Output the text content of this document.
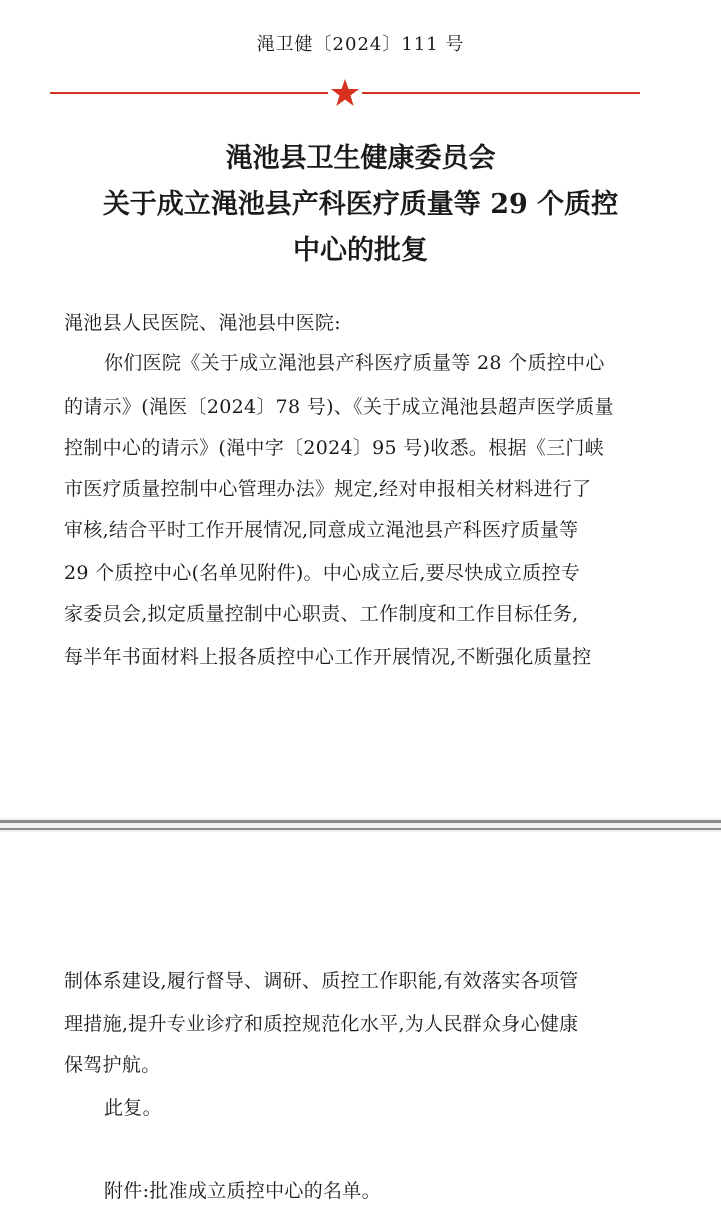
渑卫健〔2024〕111 号
渑池县卫生健康委员会
关于成立渑池县产科医疗质量等 29 个质控
中心的批复
渑池县人民医院、渑池县中医院:
你们医院《关于成立渑池县产科医疗质量等 28 个质控中心
的请示》(渑医〔2024〕78 号)、《关于成立渑池县超声医学质量
控制中心的请示》(渑中字〔2024〕95 号)收悉。根据《三门峡
市医疗质量控制中心管理办法》规定,经对申报相关材料进行了
审核,结合平时工作开展情况,同意成立渑池县产科医疗质量等
29 个质控中心(名单见附件)。中心成立后,要尽快成立质控专
家委员会,拟定质量控制中心职责、工作制度和工作目标任务,
每半年书面材料上报各质控中心工作开展情况,不断强化质量控
制体系建设,履行督导、调研、质控工作职能,有效落实各项管
理措施,提升专业诊疗和质控规范化水平,为人民群众身心健康
保驾护航。
此复。
附件:批准成立质控中心的名单。
